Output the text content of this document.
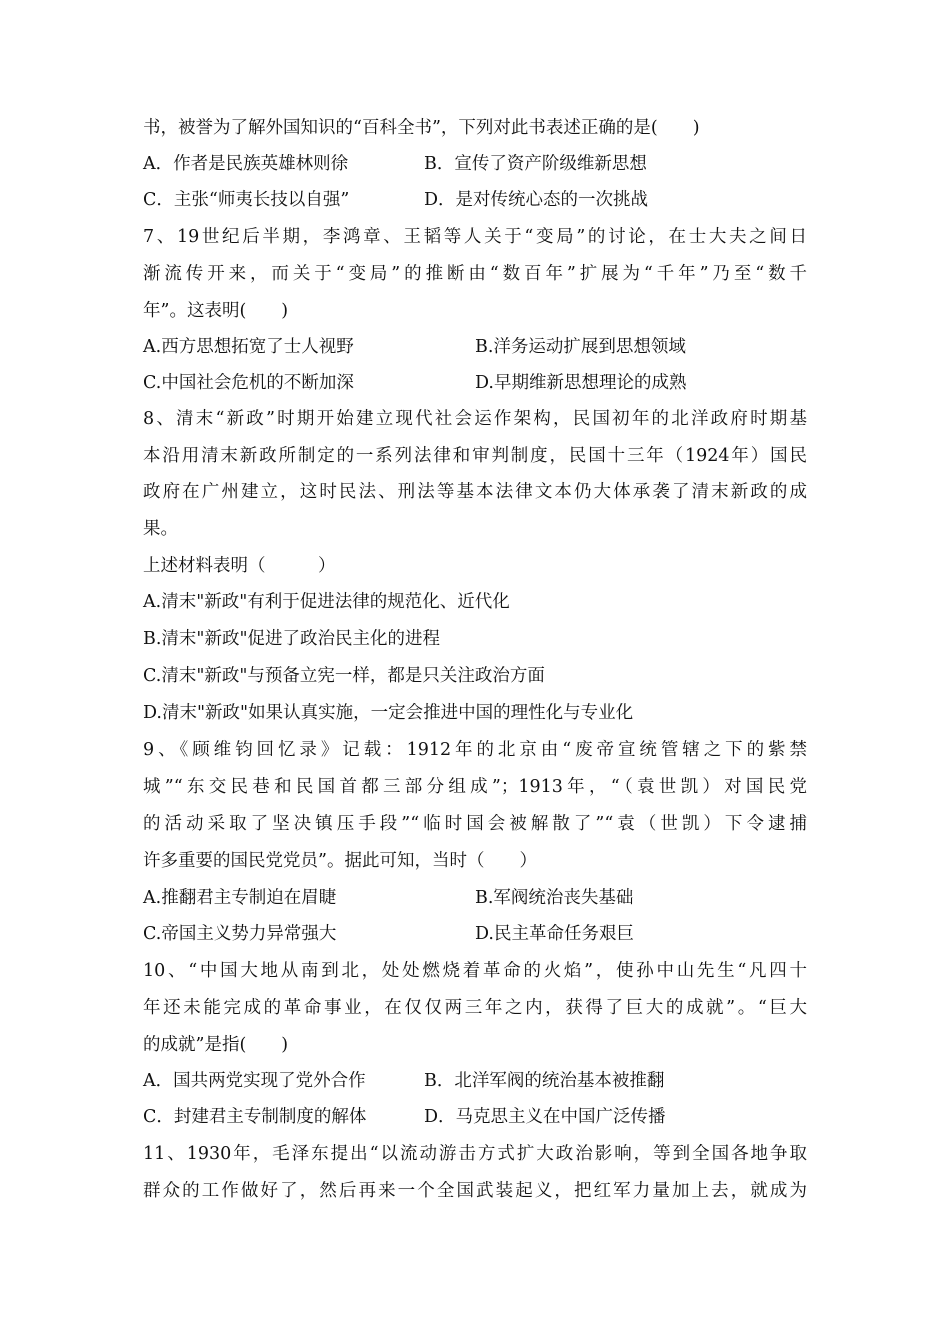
书，被誉为了解外国知识的“百科全书”，下列对此书表述正确的是(　　)
A．作者是民族英雄林则徐	B．宣传了资产阶级维新思想
C．主张“师夷长技以自强”	D．是对传统心态的一次挑战
7、19世纪后半期，李鸿章、王韬等人关于“变局”的讨论，在士大夫之间日
渐流传开来，而关于“变局”的推断由“数百年”扩展为“千年”乃至“数千
年”。这表明(　　)
A.西方思想拓宽了士人视野	B.洋务运动扩展到思想领域
C.中国社会危机的不断加深	D.早期维新思想理论的成熟
8、清末“新政”时期开始建立现代社会运作架构，民国初年的北洋政府时期基
本沿用清末新政所制定的一系列法律和审判制度，民国十三年（1924年）国民
政府在广州建立，这时民法、刑法等基本法律文本仍大体承袭了清末新政的成
果。
上述材料表明（　　　）
A.清末"新政"有利于促进法律的规范化、近代化
B.清末"新政"促进了政治民主化的进程
C.清末"新政"与预备立宪一样，都是只关注政治方面
D.清末"新政"如果认真实施，一定会推进中国的理性化与专业化
9、《顾维钧回忆录》记载：1912年的北京由“废帝宣统管辖之下的紫禁
城”“东交民巷和民国首都三部分组成”；1913年，“（袁世凯）对国民党
的活动采取了坚决镇压手段”“临时国会被解散了”“袁（世凯）下令逮捕
许多重要的国民党党员”。据此可知，当时（　　）
A.推翻君主专制迫在眉睫	B.军阀统治丧失基础
C.帝国主义势力异常强大	D.民主革命任务艰巨
10、“中国大地从南到北，处处燃烧着革命的火焰”，使孙中山先生“凡四十
年还未能完成的革命事业，在仅仅两三年之内，获得了巨大的成就”。“巨大
的成就”是指(　　)
A．国共两党实现了党外合作	B．北洋军阀的统治基本被推翻
C．封建君主专制制度的解体	D．马克思主义在中国广泛传播
11、1930年，毛泽东提出“以流动游击方式扩大政治影响，等到全国各地争取
群众的工作做好了，然后再来一个全国武装起义，把红军力量加上去，就成为
